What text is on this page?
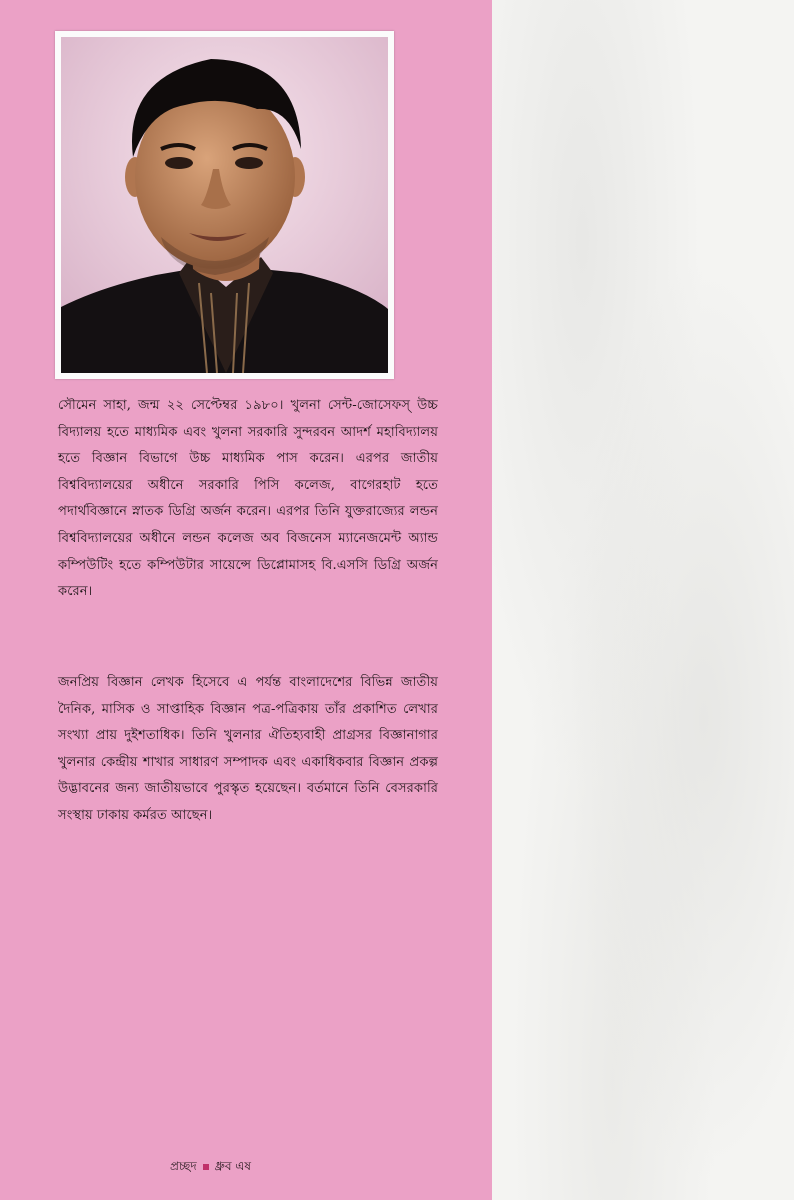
সৌমেন সাহা, জন্ম ২২ সেপ্টেম্বর ১৯৮০। খুলনা সেন্ট-জোসেফস্‌ উচ্চ বিদ্যালয় হতে মাধ্যমিক এবং খুলনা সরকারি সুন্দরবন আদর্শ মহাবিদ্যালয় হতে বিজ্ঞান বিভাগে উচ্চ মাধ্যমিক পাস করেন। এরপর জাতীয় বিশ্ববিদ্যালয়ের অধীনে সরকারি পিসি কলেজ, বাগেরহাট হতে পদার্থবিজ্ঞানে স্নাতক ডিগ্রি অর্জন করেন। এরপর তিনি যুক্তরাজ্যের লন্ডন বিশ্ববিদ্যালয়ের অধীনে লন্ডন কলেজ অব বিজনেস ম্যানেজমেন্ট অ্যান্ড কম্পিউটিং হতে কম্পিউটার সায়েন্সে ডিপ্লোমাসহ বি.এসসি ডিগ্রি অর্জন করেন।

জনপ্রিয় বিজ্ঞান লেখক হিসেবে এ পর্যন্ত বাংলাদেশের বিভিন্ন জাতীয় দৈনিক, মাসিক ও সাপ্তাহিক বিজ্ঞান পত্র-পত্রিকায় তাঁর প্রকাশিত লেখার সংখ্যা প্রায় দুইশতাধিক। তিনি খুলনার ঐতিহ্যবাহী প্রাগ্রসর বিজ্ঞানাগার খুলনার কেন্দ্রীয় শাখার সাধারণ সম্পাদক এবং একাধিকবার বিজ্ঞান প্রকল্প উদ্ভাবনের জন্য জাতীয়ভাবে পুরস্কৃত হয়েছেন। বর্তমানে তিনি বেসরকারি সংস্থায় ঢাকায় কর্মরত আছেন।

প্রচ্ছদ ধ্রুব এষ
